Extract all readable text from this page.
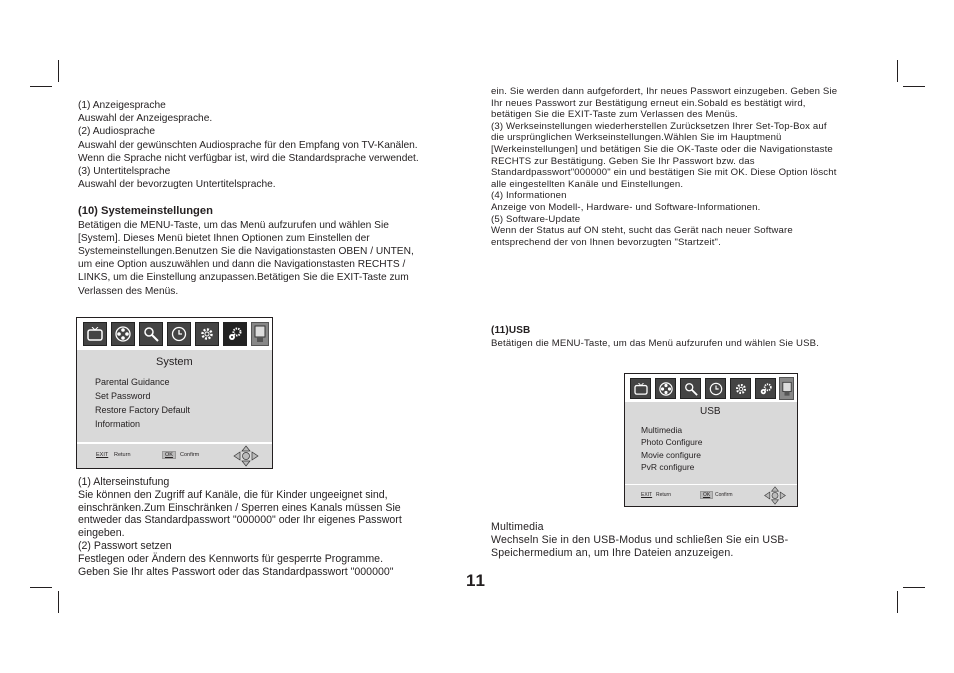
(1) Anzeigesprache

Auswahl der Anzeigesprache.

(2) Audiosprache

Auswahl der gewünschten Audiosprache für den Empfang von TV-Kanälen.

Wenn die Sprache nicht verfügbar ist, wird die Standardsprache verwendet.

(3) Untertitelsprache

Auswahl der bevorzugten Untertitelsprache.

(10) Systemeinstellungen

Betätigen die MENU-Taste, um das Menü aufzurufen und wählen Sie

[System]. Dieses Menü bietet Ihnen Optionen zum Einstellen der

Systemeinstellungen.Benutzen Sie die Navigationstasten OBEN / UNTEN,

um eine Option auszuwählen und dann die Navigationstasten RECHTS /

LINKS, um die Einstellung anzupassen.Betätigen Sie die EXIT-Taste zum

Verlassen des Menüs.

System
Parental Guidance
Set Password
Restore Factory Default
Information
EXIT Return	OK	Confirm

(1) Alterseinstufung

Sie können den Zugriff auf Kanäle, die für Kinder ungeeignet sind,

einschränken.Zum Einschränken / Sperren eines Kanals müssen Sie

entweder das Standardpasswort "000000" oder Ihr eigenes Passwort

eingeben.

(2) Passwort setzen

Festlegen oder Ändern des Kennworts für gesperrte Programme.

Geben Sie Ihr altes Passwort oder das Standardpasswort "000000"

ein. Sie werden dann aufgefordert, Ihr neues Passwort einzugeben. Geben Sie

Ihr neues Passwort zur Bestätigung erneut ein.Sobald es bestätigt wird,

betätigen Sie die EXIT-Taste zum Verlassen des Menüs.

(3) Werkseinstellungen wiederherstellen Zurücksetzen Ihrer Set-Top-Box auf

die ursprünglichen Werkseinstellungen.Wählen Sie im Hauptmenü

[Werkeinstellungen] und betätigen Sie die OK-Taste oder die Navigationstaste

RECHTS zur Bestätigung. Geben Sie Ihr Passwort bzw. das

Standardpasswort"000000" ein und bestätigen Sie mit OK. Diese Option löscht

alle eingestellten Kanäle und Einstellungen.

(4) Informationen

Anzeige von Modell-, Hardware- und Software-Informationen.

(5) Software-Update

Wenn der Status auf ON steht, sucht das Gerät nach neuer Software

entsprechend der von Ihnen bevorzugten "Startzeit".

(11)USB

Betätigen die MENU-Taste, um das Menü aufzurufen und wählen Sie USB.

USB
Multimedia
Photo Configure
Movie configure
PvR configure
EXIT Return	OK Confirm

Multimedia

Wechseln Sie in den USB-Modus und schließen Sie ein USB-

Speichermedium an, um Ihre Dateien anzuzeigen.

11
